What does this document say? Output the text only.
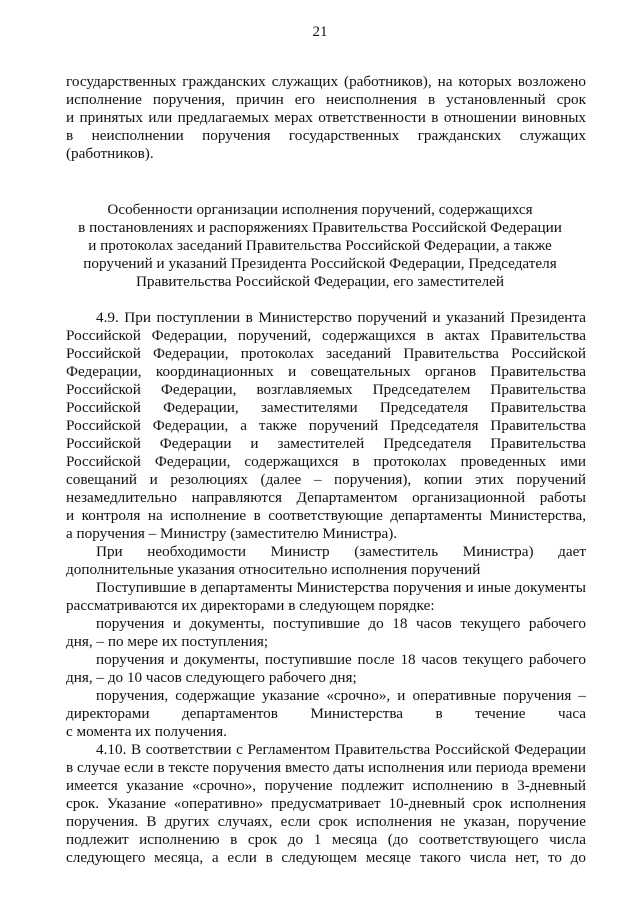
21
государственных гражданских служащих (работников), на которых возложено
исполнение поручения, причин его неисполнения в установленный срок
и принятых или предлагаемых мерах ответственности в отношении виновных
в неисполнении поручения государственных гражданских служащих
(работников).
Особенности организации исполнения поручений, содержащихся
в постановлениях и распоряжениях Правительства Российской Федерации
и протоколах заседаний Правительства Российской Федерации, а также
поручений и указаний Президента Российской Федерации, Председателя
Правительства Российской Федерации, его заместителей
4.9. При поступлении в Министерство поручений и указаний Президента
Российской Федерации, поручений, содержащихся в актах Правительства
Российской Федерации, протоколах заседаний Правительства Российской
Федерации, координационных и совещательных органов Правительства
Российской Федерации, возглавляемых Председателем Правительства
Российской Федерации, заместителями Председателя Правительства
Российской Федерации, а также поручений Председателя Правительства
Российской Федерации и заместителей Председателя Правительства
Российской Федерации, содержащихся в протоколах проведенных ими
совещаний и резолюциях (далее – поручения), копии этих поручений
незамедлительно направляются Департаментом организационной работы
и контроля на исполнение в соответствующие департаменты Министерства,
а поручения – Министру (заместителю Министра).
При необходимости Министр (заместитель Министра) дает
дополнительные указания относительно исполнения поручений
Поступившие в департаменты Министерства поручения и иные документы
рассматриваются их директорами в следующем порядке:
поручения и документы, поступившие до 18 часов текущего рабочего
дня, – по мере их поступления;
поручения и документы, поступившие после 18 часов текущего рабочего
дня, – до 10 часов следующего рабочего дня;
поручения, содержащие указание «срочно», и оперативные поручения –
директорами департаментов Министерства в течение часа
с момента их получения.
4.10. В соответствии с Регламентом Правительства Российской Федерации
в случае если в тексте поручения вместо даты исполнения или периода времени
имеется указание «срочно», поручение подлежит исполнению в 3-дневный
срок. Указание «оперативно» предусматривает 10-дневный срок исполнения
поручения. В других случаях, если срок исполнения не указан, поручение
подлежит исполнению в срок до 1 месяца (до соответствующего числа
следующего месяца, а если в следующем месяце такого числа нет, то до
